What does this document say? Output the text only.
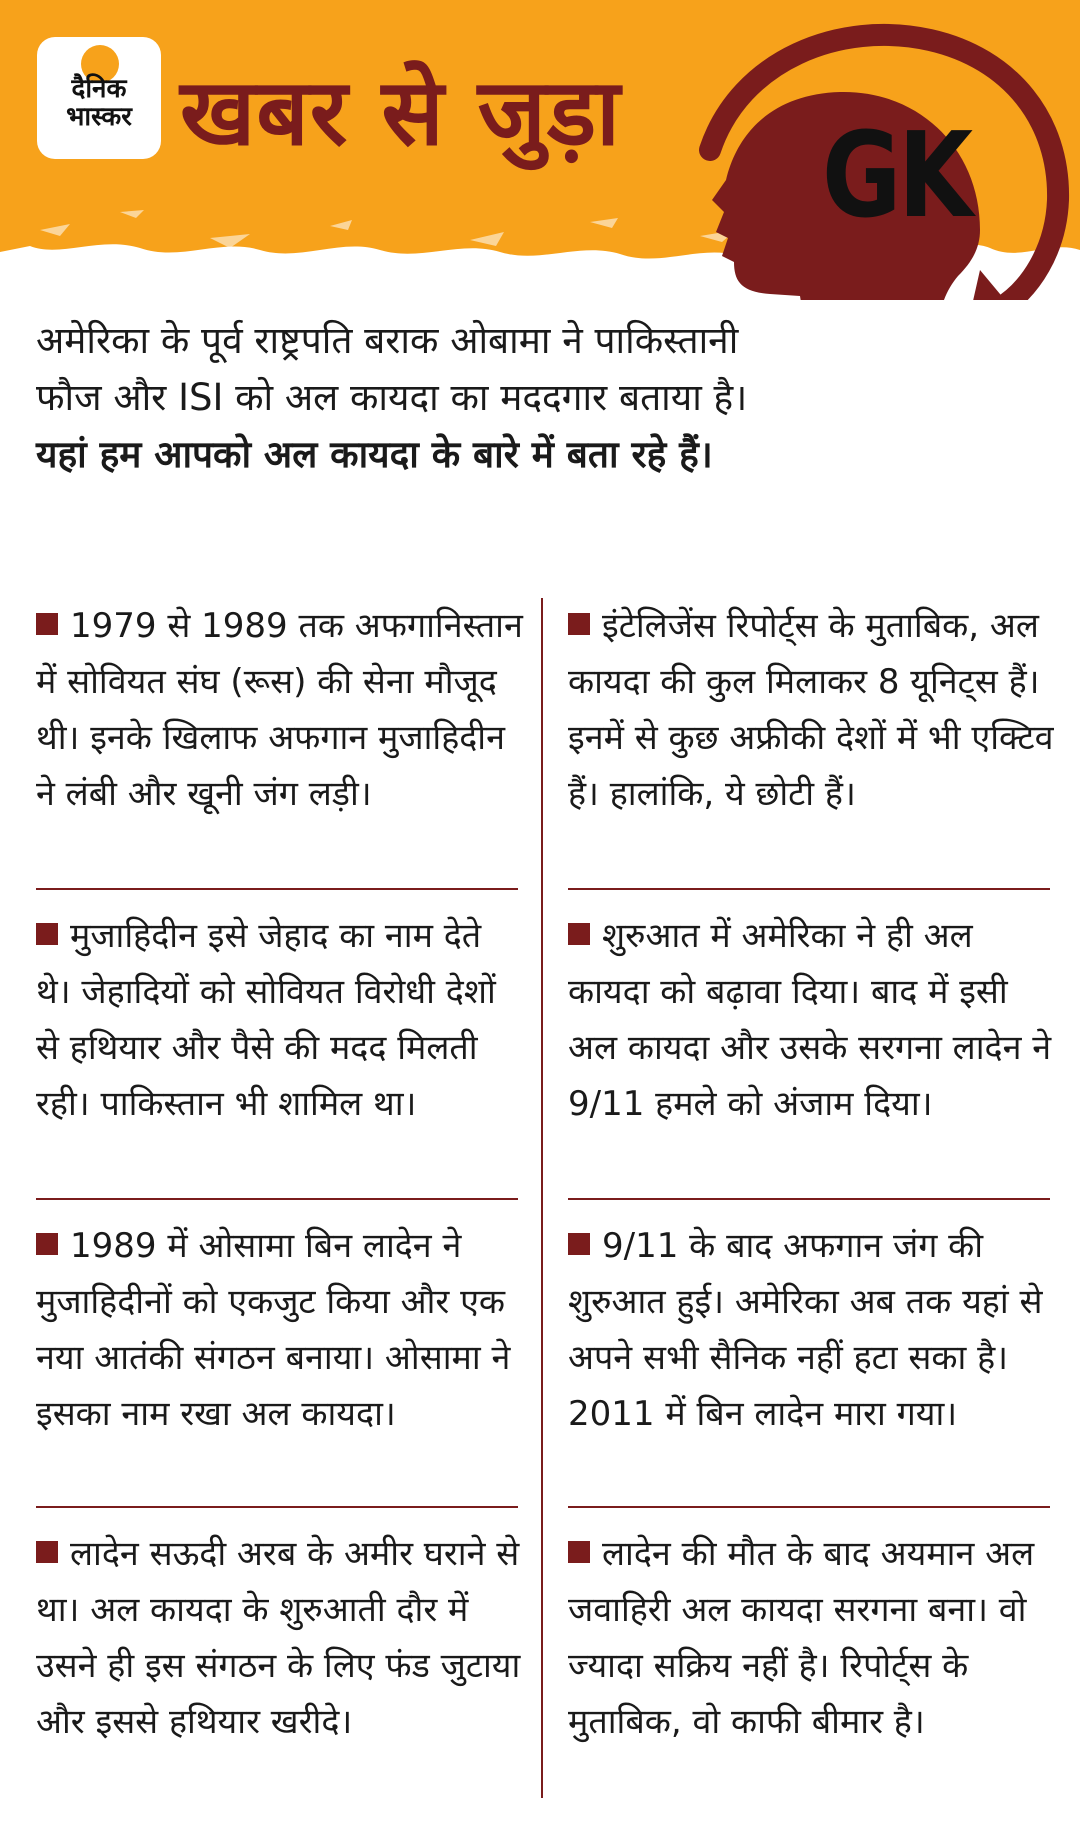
दैनिक
भास्कर खबर से जुड़ा GK
अमेरिका के पूर्व राष्ट्रपति बराक ओबामा ने पाकिस्तानी फौज और ISI को अल कायदा का मददगार बताया है। यहां हम आपको अल कायदा के बारे में बता रहे हैं।
1979 से 1989 तक अफगानिस्तान में सोवियत संघ (रूस) की सेना मौजूद थी। इनके खिलाफ अफगान मुजाहिदीन ने लंबी और खूनी जंग लड़ी।
मुजाहिदीन इसे जेहाद का नाम देते थे। जेहादियों को सोवियत विरोधी देशों से हथियार और पैसे की मदद मिलती रही। पाकिस्तान भी शामिल था।
1989 में ओसामा बिन लादेन ने मुजाहिदीनों को एकजुट किया और एक नया आतंकी संगठन बनाया। ओसामा ने इसका नाम रखा अल कायदा।
लादेन सऊदी अरब के अमीर घराने से था। अल कायदा के शुरुआती दौर में उसने ही इस संगठन के लिए फंड जुटाया और इससे हथियार खरीदे।
इंटेलिजेंस रिपोर्ट्स के मुताबिक, अल कायदा की कुल मिलाकर 8 यूनिट्स हैं। इनमें से कुछ अफ्रीकी देशों में भी एक्टिव हैं। हालांकि, ये छोटी हैं।
शुरुआत में अमेरिका ने ही अल कायदा को बढ़ावा दिया। बाद में इसी अल कायदा और उसके सरगना लादेन ने 9/11 हमले को अंजाम दिया।
9/11 के बाद अफगान जंग की शुरुआत हुई। अमेरिका अब तक यहां से अपने सभी सैनिक नहीं हटा सका है। 2011 में बिन लादेन मारा गया।
लादेन की मौत के बाद अयमान अल जवाहिरी अल कायदा सरगना बना। वो ज्यादा सक्रिय नहीं है। रिपोर्ट्स के मुताबिक, वो काफी बीमार है।
